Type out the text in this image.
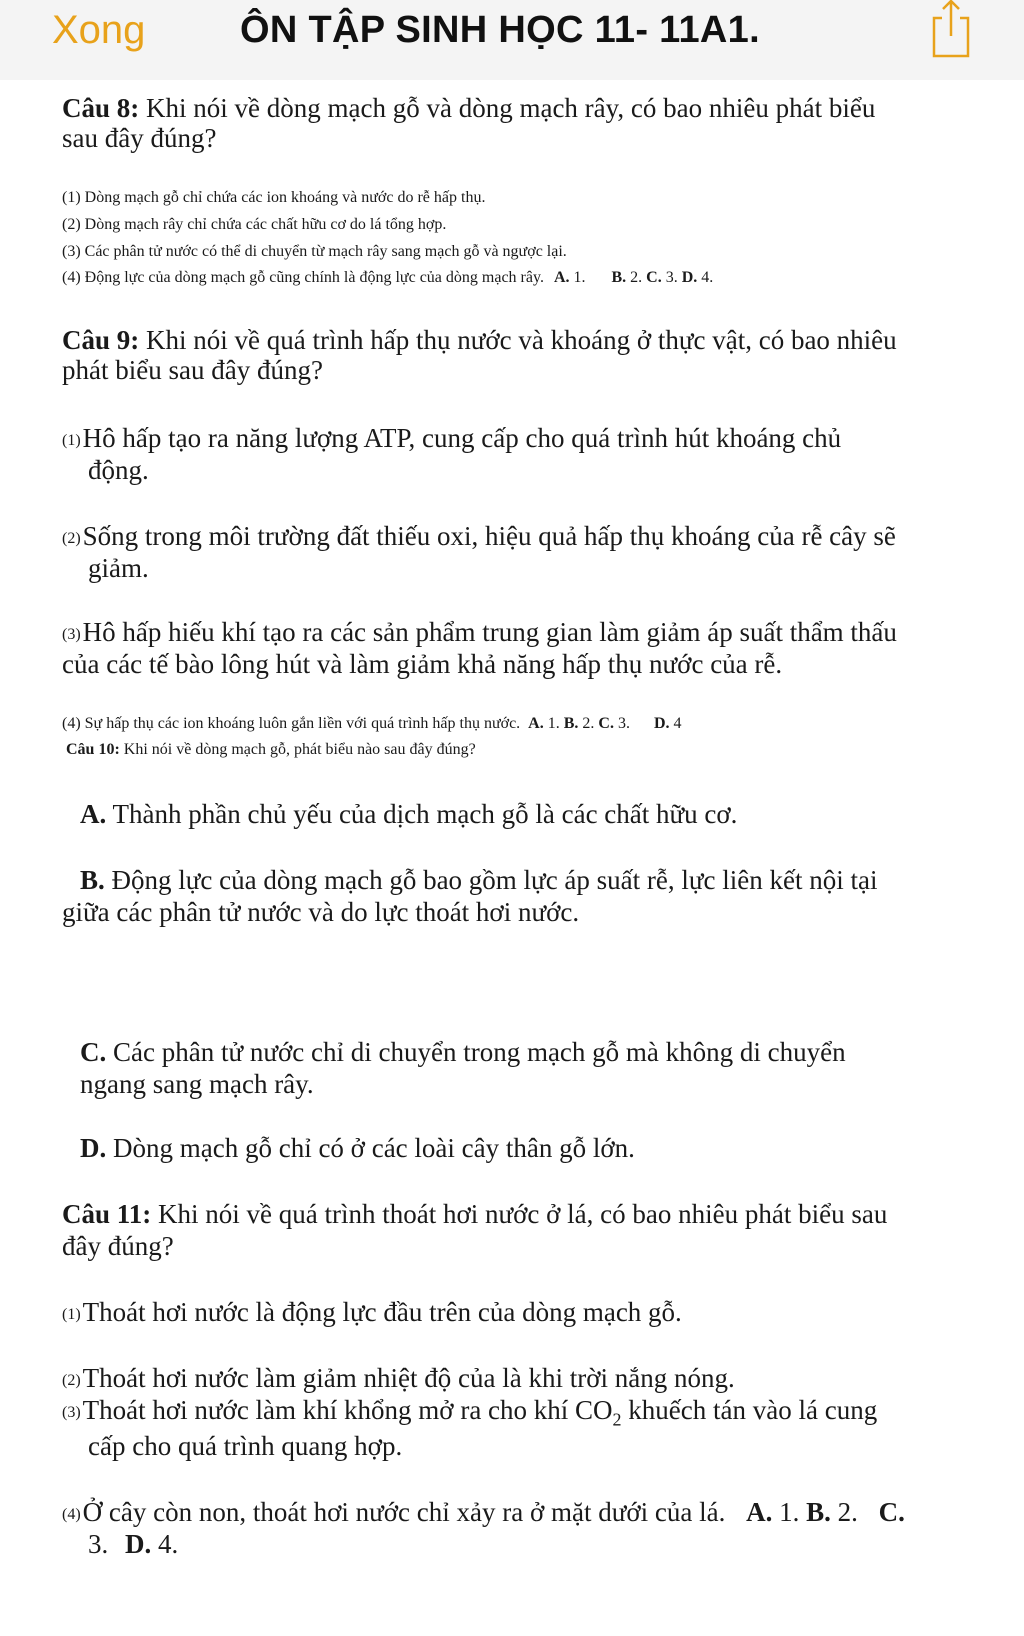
Xong ÔN TẬP SINH HỌC 11- 11A1.
Câu 8: Khi nói về dòng mạch gỗ và dòng mạch rây, có bao nhiêu phát biểu
sau đây đúng?
(1) Dòng mạch gỗ chỉ chứa các ion khoáng và nước do rễ hấp thụ.
(2) Dòng mạch rây chỉ chứa các chất hữu cơ do lá tổng hợp.
(3) Các phân tử nước có thể di chuyển từ mạch rây sang mạch gỗ và ngược lại.
(4) Động lực của dòng mạch gỗ cũng chính là động lực của dòng mạch rây. A. 1. B. 2. C. 3. D. 4.
Câu 9: Khi nói về quá trình hấp thụ nước và khoáng ở thực vật, có bao nhiêu
phát biểu sau đây đúng?
(1)Hô hấp tạo ra năng lượng ATP, cung cấp cho quá trình hút khoáng chủ
động.
(2)Sống trong môi trường đất thiếu oxi, hiệu quả hấp thụ khoáng của rễ cây sẽ
giảm.
(3)Hô hấp hiếu khí tạo ra các sản phẩm trung gian làm giảm áp suất thẩm thấu
của các tế bào lông hút và làm giảm khả năng hấp thụ nước của rễ.
(4) Sự hấp thụ các ion khoáng luôn gắn liền với quá trình hấp thụ nước. A. 1. B. 2. C. 3. D. 4
Câu 10: Khi nói về dòng mạch gỗ, phát biểu nào sau đây đúng?
A. Thành phần chủ yếu của dịch mạch gỗ là các chất hữu cơ.
B. Động lực của dòng mạch gỗ bao gồm lực áp suất rễ, lực liên kết nội tại
giữa các phân tử nước và do lực thoát hơi nước.
C. Các phân tử nước chỉ di chuyển trong mạch gỗ mà không di chuyển
ngang sang mạch rây.
D. Dòng mạch gỗ chỉ có ở các loài cây thân gỗ lớn.
Câu 11: Khi nói về quá trình thoát hơi nước ở lá, có bao nhiêu phát biểu sau
đây đúng?
(1)Thoát hơi nước là động lực đầu trên của dòng mạch gỗ.
(2)Thoát hơi nước làm giảm nhiệt độ của là khi trời nắng nóng.
(3)Thoát hơi nước làm khí khổng mở ra cho khí $CO_2$ khuếch tán vào lá cung
cấp cho quá trình quang hợp.
(4)Ở cây còn non, thoát hơi nước chỉ xảy ra ở mặt dưới của lá. A. 1. B. 2. C.
3. D. 4.
